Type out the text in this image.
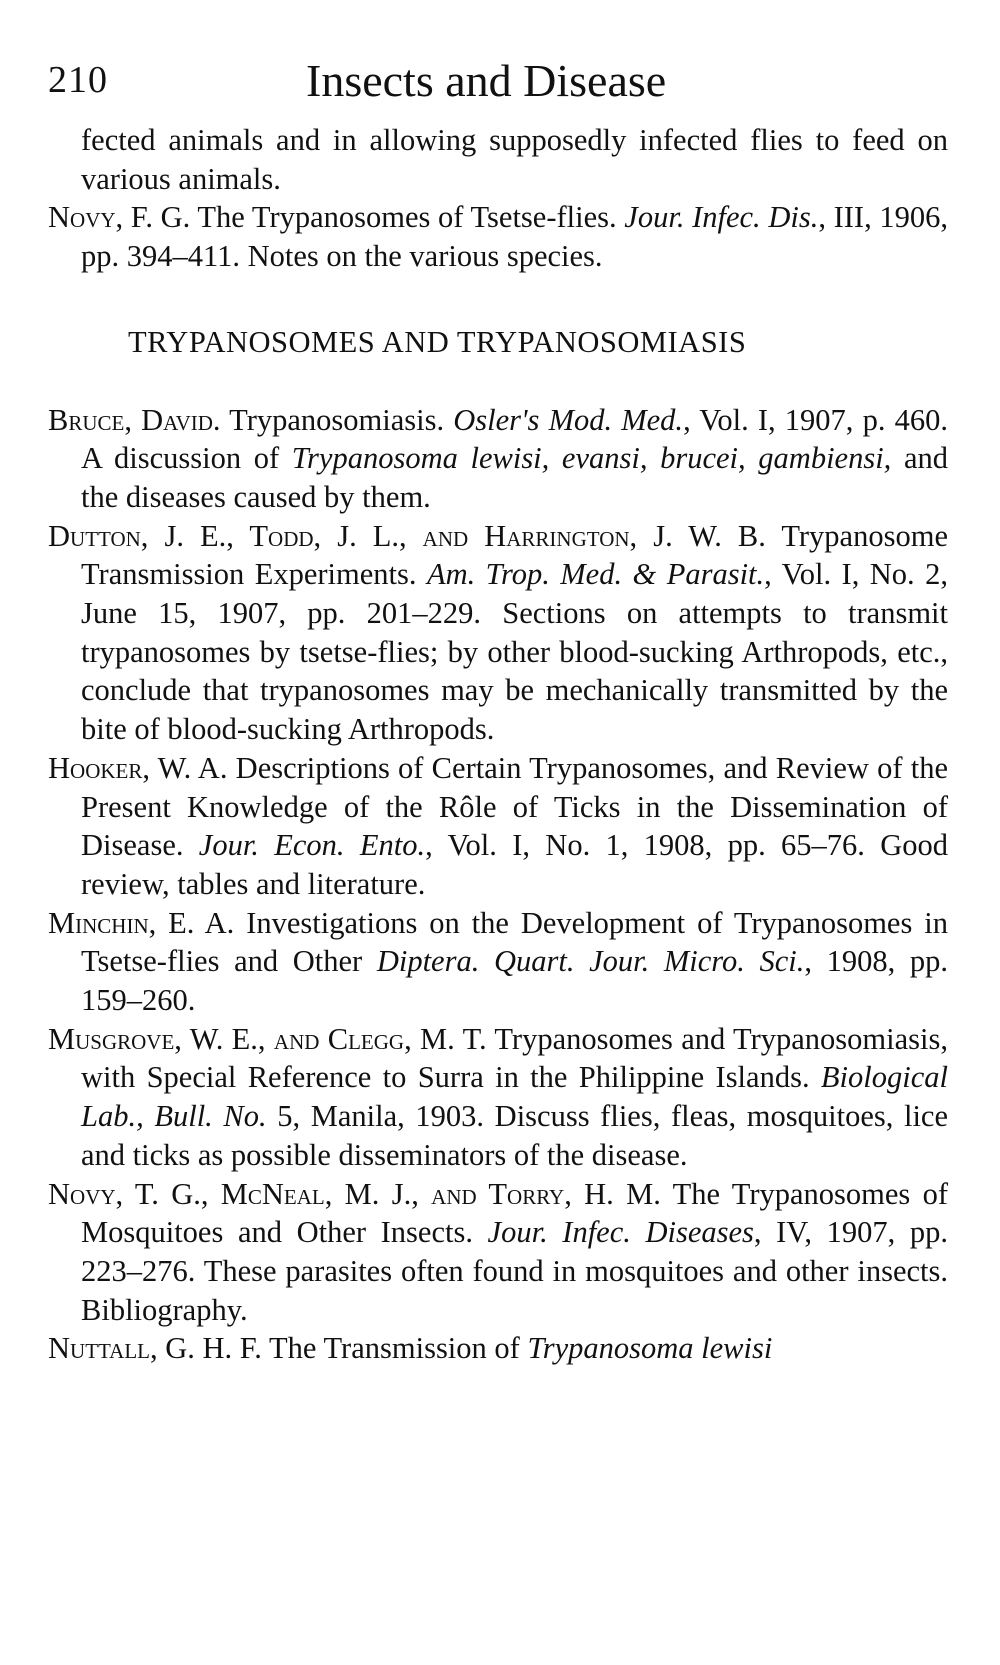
210	Insects and Disease

fected animals and in allowing supposedly infected flies to feed on various animals.

Novy, F. G. The Trypanosomes of Tsetse-flies. Jour. Infec. Dis., III, 1906, pp. 394–411. Notes on the various species.

TRYPANOSOMES AND TRYPANOSOMIASIS

Bruce, David. Trypanosomiasis. Osler's Mod. Med., Vol. I, 1907, p. 460. A discussion of Trypanosoma lewisi, evansi, brucei, gambiensi, and the diseases caused by them.

Dutton, J. E., Todd, J. L., and Harrington, J. W. B. Trypanosome Transmission Experiments. Am. Trop. Med. & Parasit., Vol. I, No. 2, June 15, 1907, pp. 201–229. Sections on attempts to transmit trypanosomes by tsetse-flies; by other blood-sucking Arthropods, etc., conclude that trypanosomes may be mechanically transmitted by the bite of blood-sucking Arthropods.

Hooker, W. A. Descriptions of Certain Trypanosomes, and Review of the Present Knowledge of the Rôle of Ticks in the Dissemination of Disease. Jour. Econ. Ento., Vol. I, No. 1, 1908, pp. 65–76. Good review, tables and literature.

Minchin, E. A. Investigations on the Development of Trypanosomes in Tsetse-flies and Other Diptera. Quart. Jour. Micro. Sci., 1908, pp. 159–260.

Musgrove, W. E., and Clegg, M. T. Trypanosomes and Trypanosomiasis, with Special Reference to Surra in the Philippine Islands. Biological Lab., Bull. No. 5, Manila, 1903. Discuss flies, fleas, mosquitoes, lice and ticks as possible disseminators of the disease.

Novy, T. G., McNeal, M. J., and Torry, H. M. The Trypanosomes of Mosquitoes and Other Insects. Jour. Infec. Diseases, IV, 1907, pp. 223–276. These parasites often found in mosquitoes and other insects. Bibliography.

Nuttall, G. H. F. The Transmission of Trypanosoma lewisi
